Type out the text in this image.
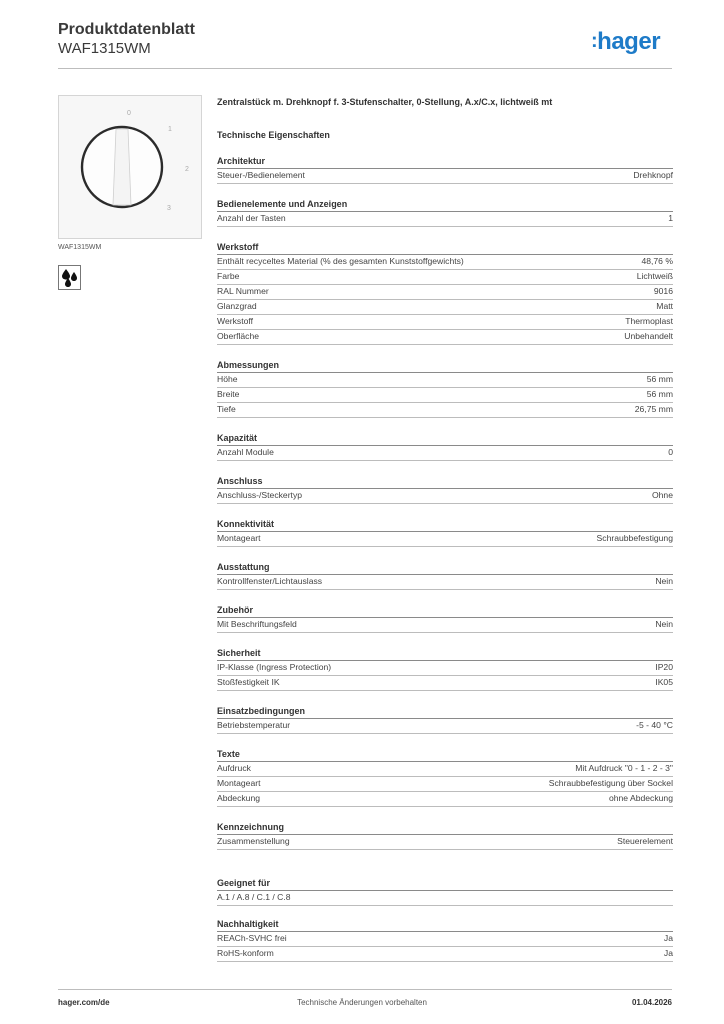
Produktdatenblatt
WAF1315WM	:hager
0
1
2
3
WAF1315WM
Zentralstück m. Drehknopf f. 3-Stufenschalter, 0-Stellung, A.x/C.x, lichtweiß mt
Technische Eigenschaften
Architektur
Steuer-/Bedienelement	Drehknopf
Bedienelemente und Anzeigen
Anzahl der Tasten	1
Werkstoff
Enthält recyceltes Material (% des gesamten Kunststoffgewichts)	48,76 %
Farbe	Lichtweiß
RAL Nummer	9016
Glanzgrad	Matt
Werkstoff	Thermoplast
Oberfläche	Unbehandelt
Abmessungen
Höhe	56 mm
Breite	56 mm
Tiefe	26,75 mm
Kapazität
Anzahl Module	0
Anschluss
Anschluss-/Steckertyp	Ohne
Konnektivität
Montageart	Schraubbefestigung
Ausstattung
Kontrollfenster/Lichtauslass	Nein
Zubehör
Mit Beschriftungsfeld	Nein
Sicherheit
IP-Klasse (Ingress Protection)	IP20
Stoßfestigkeit IK	IK05
Einsatzbedingungen
Betriebstemperatur	-5 - 40 °C
Texte
Aufdruck	Mit Aufdruck "0 - 1 - 2 - 3"
Montageart	Schraubbefestigung über Sockel
Abdeckung	ohne Abdeckung
Kennzeichnung
Zusammenstellung	Steuerelement
Geeignet für
A.1 / A.8 / C.1 / C.8
Nachhaltigkeit
REACh-SVHC frei	Ja
RoHS-konform	Ja
hager.com/de	Technische Änderungen vorbehalten	01.04.2026
